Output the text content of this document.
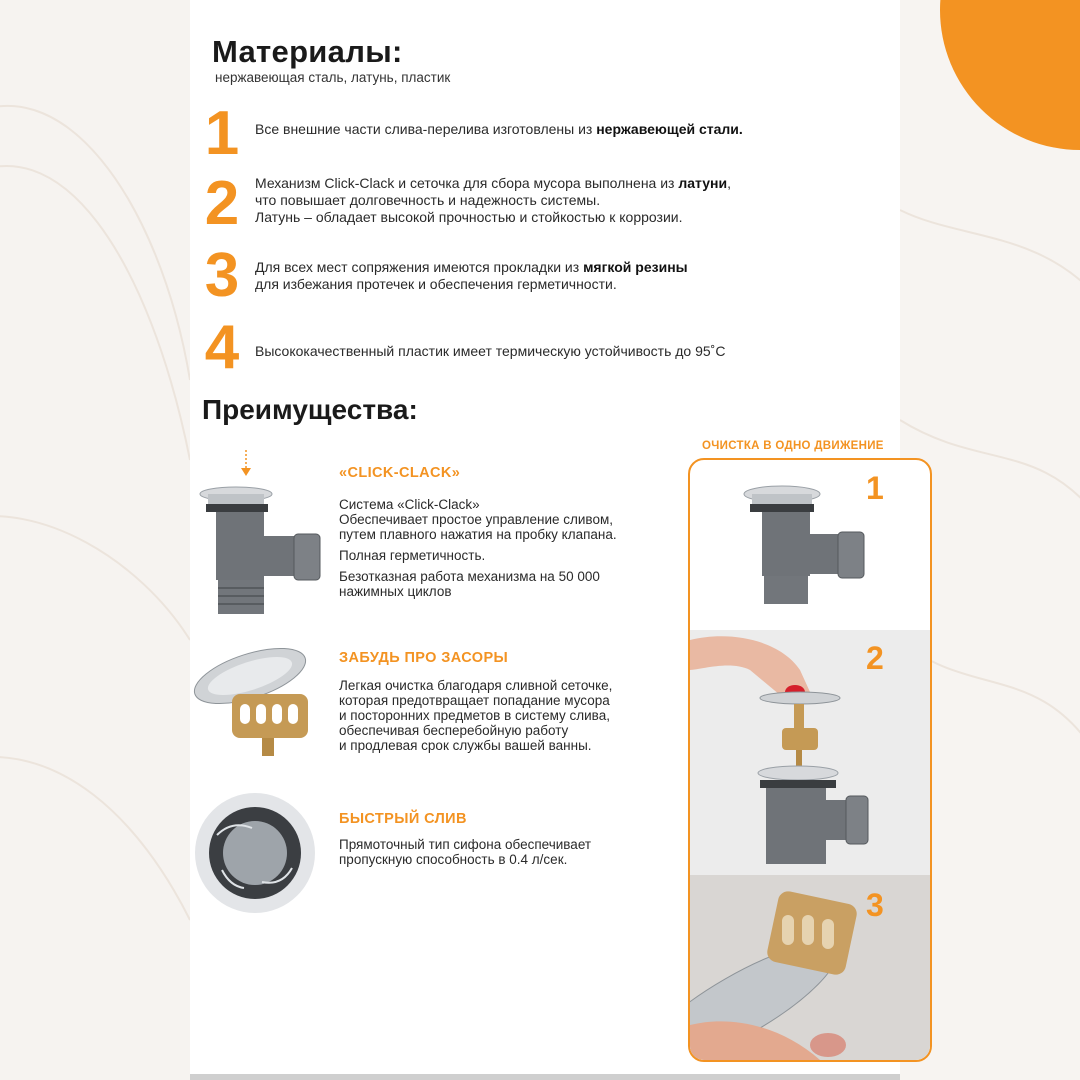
Материалы:
нержавеющая сталь, латунь, пластик
1	Все внешние части слива-перелива изготовлены из нержавеющей стали.
2	Механизм Click-Clack и сеточка для сбора мусора выполнена из латуни,
что повышает долговечность и надежность системы.
Латунь – обладает высокой прочностью и стойкостью к коррозии.
3	Для всех мест сопряжения имеются прокладки из мягкой резины
для избежания протечек и обеспечения герметичности.
4	Высококачественный пластик имеет термическую устойчивость до 95˚С
Преимущества:
«CLICK-CLACK»

Система «Click-Clack»
Обеспечивает простое управление сливом,
путем плавного нажатия на пробку клапана.

Полная герметичность.

Безотказная работа механизма на 50 000
нажимных циклов

ЗАБУДЬ ПРО ЗАСОРЫ

Легкая очистка благодаря сливной сеточке,
которая предотвращает попадание мусора
и посторонних предметов в систему слива,
обеспечивая бесперебойную работу
и продлевая срок службы вашей ванны.

БЫСТРЫЙ СЛИВ

Прямоточный тип сифона обеспечивает
пропускную способность в 0.4 л/сек.

ОЧИСТКА В ОДНО ДВИЖЕНИЕ
1
2
3
